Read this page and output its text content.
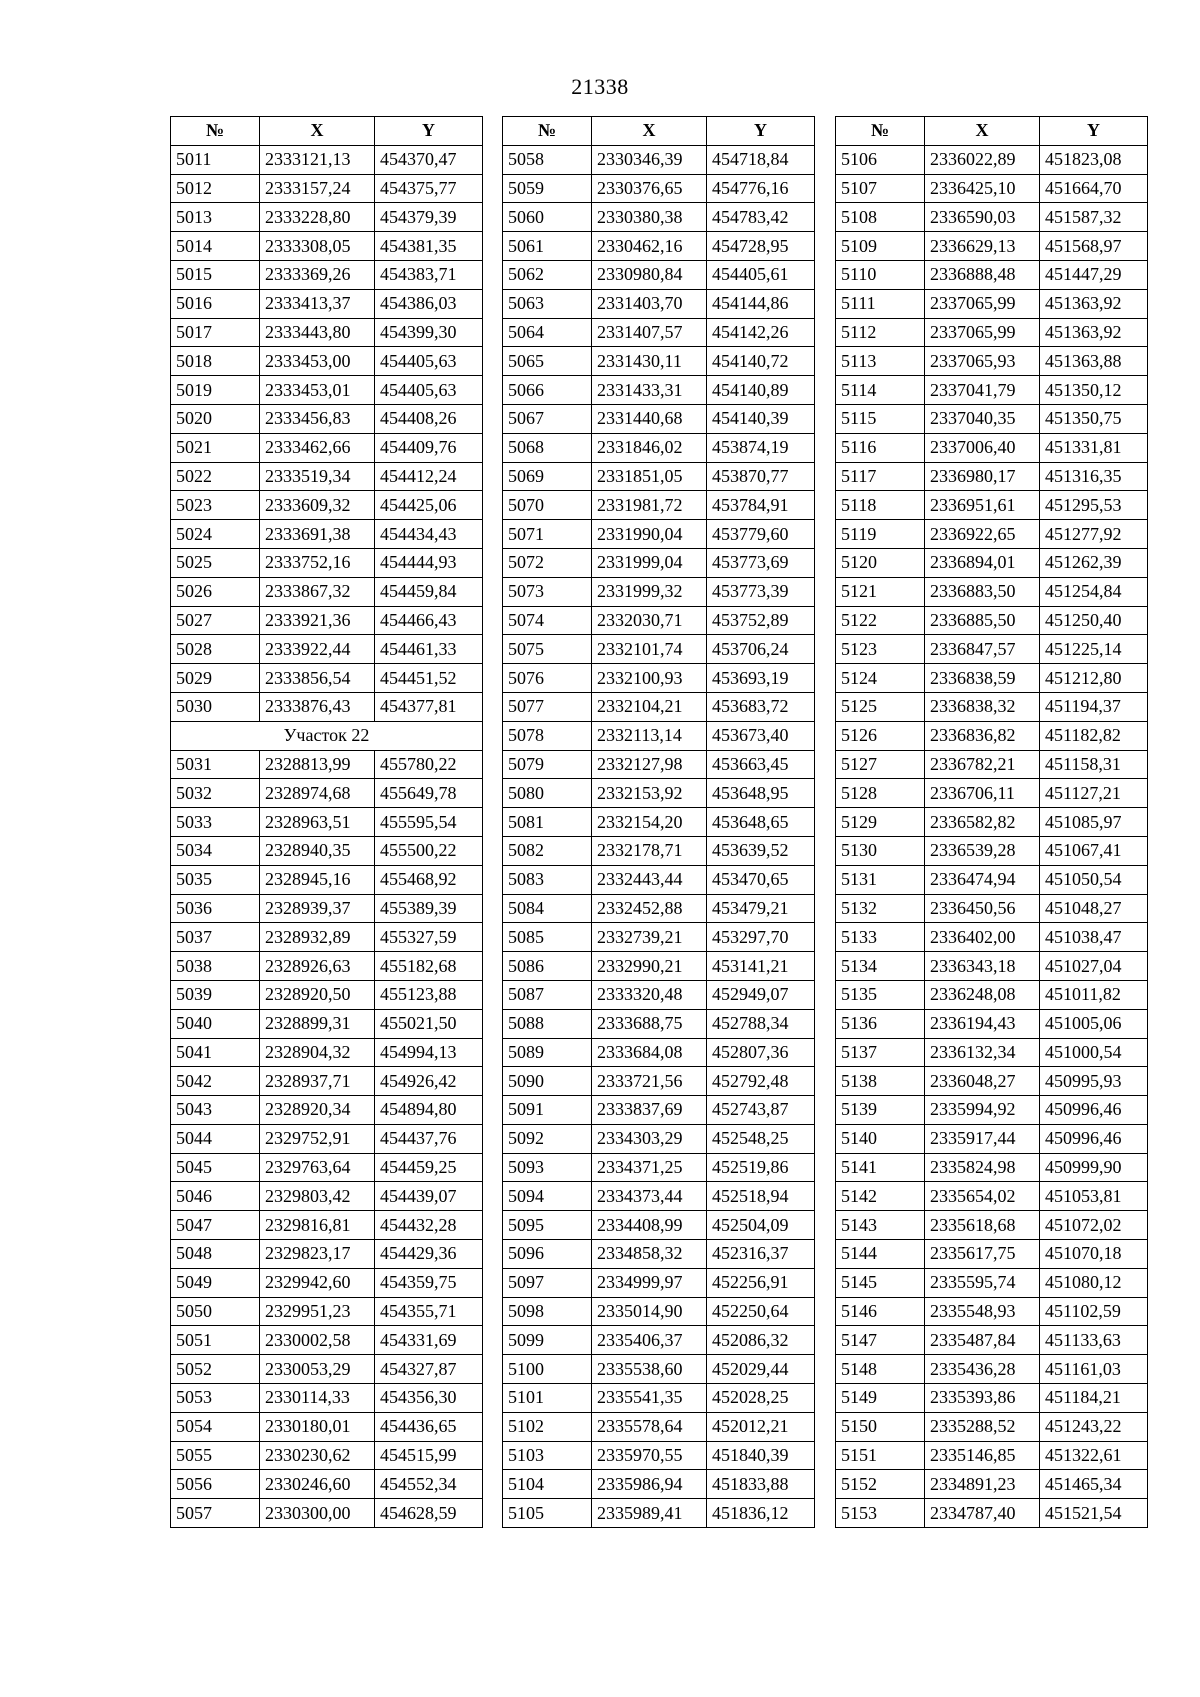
21338
№	X	Y
5011	2333121,13	454370,47
5012	2333157,24	454375,77
5013	2333228,80	454379,39
5014	2333308,05	454381,35
5015	2333369,26	454383,71
5016	2333413,37	454386,03
5017	2333443,80	454399,30
5018	2333453,00	454405,63
5019	2333453,01	454405,63
5020	2333456,83	454408,26
5021	2333462,66	454409,76
5022	2333519,34	454412,24
5023	2333609,32	454425,06
5024	2333691,38	454434,43
5025	2333752,16	454444,93
5026	2333867,32	454459,84
5027	2333921,36	454466,43
5028	2333922,44	454461,33
5029	2333856,54	454451,52
5030	2333876,43	454377,81
Участок 22		
5031	2328813,99	455780,22
5032	2328974,68	455649,78
5033	2328963,51	455595,54
5034	2328940,35	455500,22
5035	2328945,16	455468,92
5036	2328939,37	455389,39
5037	2328932,89	455327,59
5038	2328926,63	455182,68
5039	2328920,50	455123,88
5040	2328899,31	455021,50
5041	2328904,32	454994,13
5042	2328937,71	454926,42
5043	2328920,34	454894,80
5044	2329752,91	454437,76
5045	2329763,64	454459,25
5046	2329803,42	454439,07
5047	2329816,81	454432,28
5048	2329823,17	454429,36
5049	2329942,60	454359,75
5050	2329951,23	454355,71
5051	2330002,58	454331,69
5052	2330053,29	454327,87
5053	2330114,33	454356,30
5054	2330180,01	454436,65
5055	2330230,62	454515,99
5056	2330246,60	454552,34
5057	2330300,00	454628,59
№	X	Y
5058	2330346,39	454718,84
5059	2330376,65	454776,16
5060	2330380,38	454783,42
5061	2330462,16	454728,95
5062	2330980,84	454405,61
5063	2331403,70	454144,86
5064	2331407,57	454142,26
5065	2331430,11	454140,72
5066	2331433,31	454140,89
5067	2331440,68	454140,39
5068	2331846,02	453874,19
5069	2331851,05	453870,77
5070	2331981,72	453784,91
5071	2331990,04	453779,60
5072	2331999,04	453773,69
5073	2331999,32	453773,39
5074	2332030,71	453752,89
5075	2332101,74	453706,24
5076	2332100,93	453693,19
5077	2332104,21	453683,72
5078	2332113,14	453673,40
5079	2332127,98	453663,45
5080	2332153,92	453648,95
5081	2332154,20	453648,65
5082	2332178,71	453639,52
5083	2332443,44	453470,65
5084	2332452,88	453479,21
5085	2332739,21	453297,70
5086	2332990,21	453141,21
5087	2333320,48	452949,07
5088	2333688,75	452788,34
5089	2333684,08	452807,36
5090	2333721,56	452792,48
5091	2333837,69	452743,87
5092	2334303,29	452548,25
5093	2334371,25	452519,86
5094	2334373,44	452518,94
5095	2334408,99	452504,09
5096	2334858,32	452316,37
5097	2334999,97	452256,91
5098	2335014,90	452250,64
5099	2335406,37	452086,32
5100	2335538,60	452029,44
5101	2335541,35	452028,25
5102	2335578,64	452012,21
5103	2335970,55	451840,39
5104	2335986,94	451833,88
5105	2335989,41	451836,12
№	X	Y
5106	2336022,89	451823,08
5107	2336425,10	451664,70
5108	2336590,03	451587,32
5109	2336629,13	451568,97
5110	2336888,48	451447,29
5111	2337065,99	451363,92
5112	2337065,99	451363,92
5113	2337065,93	451363,88
5114	2337041,79	451350,12
5115	2337040,35	451350,75
5116	2337006,40	451331,81
5117	2336980,17	451316,35
5118	2336951,61	451295,53
5119	2336922,65	451277,92
5120	2336894,01	451262,39
5121	2336883,50	451254,84
5122	2336885,50	451250,40
5123	2336847,57	451225,14
5124	2336838,59	451212,80
5125	2336838,32	451194,37
5126	2336836,82	451182,82
5127	2336782,21	451158,31
5128	2336706,11	451127,21
5129	2336582,82	451085,97
5130	2336539,28	451067,41
5131	2336474,94	451050,54
5132	2336450,56	451048,27
5133	2336402,00	451038,47
5134	2336343,18	451027,04
5135	2336248,08	451011,82
5136	2336194,43	451005,06
5137	2336132,34	451000,54
5138	2336048,27	450995,93
5139	2335994,92	450996,46
5140	2335917,44	450996,46
5141	2335824,98	450999,90
5142	2335654,02	451053,81
5143	2335618,68	451072,02
5144	2335617,75	451070,18
5145	2335595,74	451080,12
5146	2335548,93	451102,59
5147	2335487,84	451133,63
5148	2335436,28	451161,03
5149	2335393,86	451184,21
5150	2335288,52	451243,22
5151	2335146,85	451322,61
5152	2334891,23	451465,34
5153	2334787,40	451521,54
